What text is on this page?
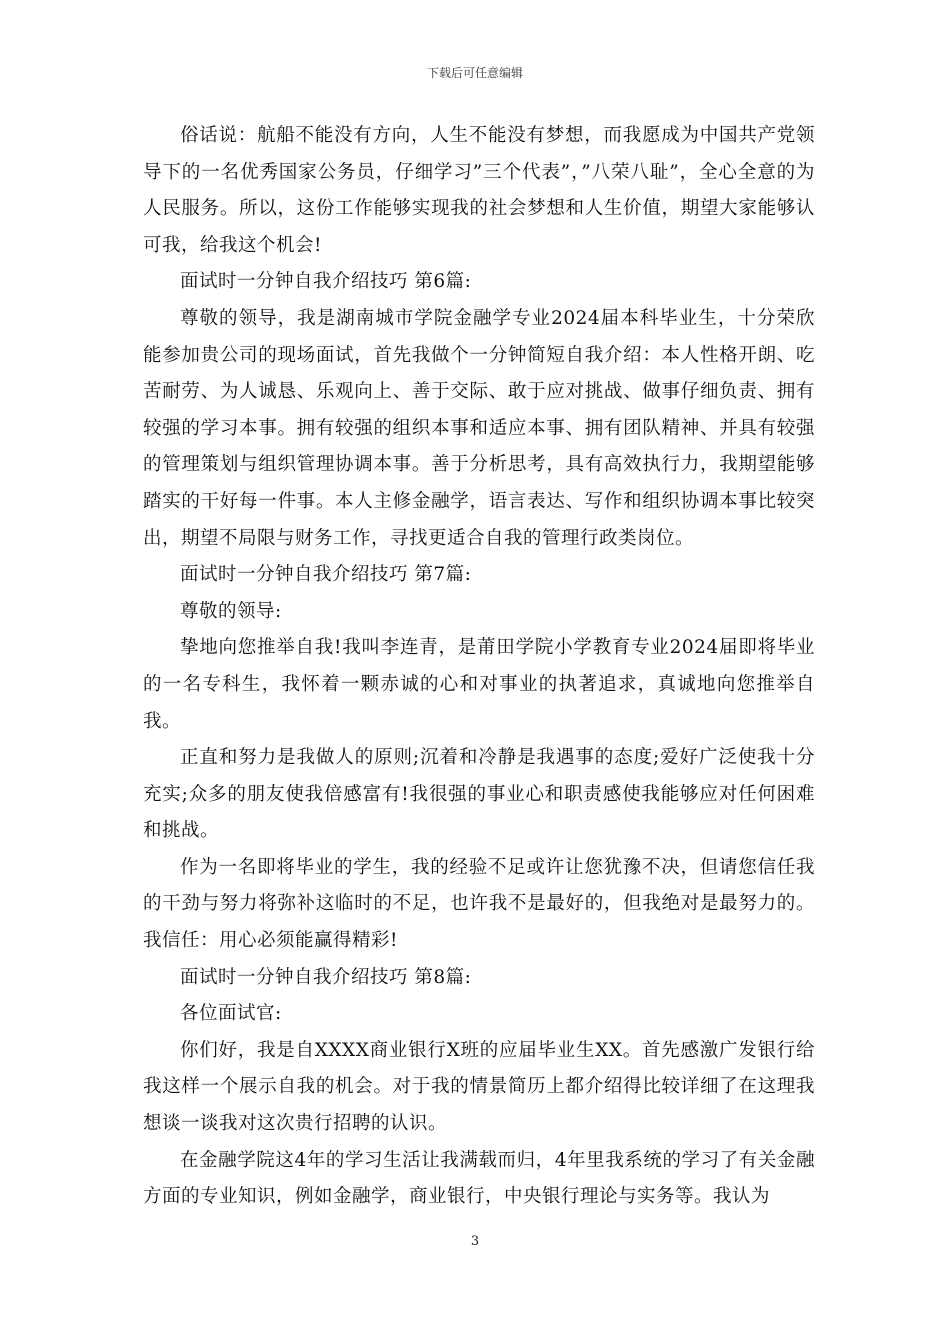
下载后可任意编辑

俗话说：航船不能没有方向，人生不能没有梦想，而我愿成为中国共产党领导下的一名优秀国家公务员，仔细学习”三个代表”，”八荣八耻”，全心全意的为人民服务。所以，这份工作能够实现我的社会梦想和人生价值，期望大家能够认可我，给我这个机会!

面试时一分钟自我介绍技巧 第6篇:

尊敬的领导，我是湖南城市学院金融学专业2024届本科毕业生，十分荣欣能参加贵公司的现场面试，首先我做个一分钟简短自我介绍：本人性格开朗、吃苦耐劳、为人诚恳、乐观向上、善于交际、敢于应对挑战、做事仔细负责、拥有较强的学习本事。拥有较强的组织本事和适应本事、拥有团队精神、并具有较强的管理策划与组织管理协调本事。善于分析思考，具有高效执行力，我期望能够踏实的干好每一件事。本人主修金融学，语言表达、写作和组织协调本事比较突出，期望不局限与财务工作，寻找更适合自我的管理行政类岗位。

面试时一分钟自我介绍技巧 第7篇:

尊敬的领导:

挚地向您推举自我!我叫李连青，是莆田学院小学教育专业2024届即将毕业的一名专科生，我怀着一颗赤诚的心和对事业的执著追求，真诚地向您推举自我。

正直和努力是我做人的原则;沉着和冷静是我遇事的态度;爱好广泛使我十分充实;众多的朋友使我倍感富有!我很强的事业心和职责感使我能够应对任何困难和挑战。

作为一名即将毕业的学生，我的经验不足或许让您犹豫不决，但请您信任我的干劲与努力将弥补这临时的不足，也许我不是最好的，但我绝对是最努力的。我信任：用心必须能赢得精彩!

面试时一分钟自我介绍技巧 第8篇:

各位面试官:

你们好，我是自XXXX商业银行X班的应届毕业生XX。首先感激广发银行给我这样一个展示自我的机会。对于我的情景简历上都介绍得比较详细了在这理我想谈一谈我对这次贵行招聘的认识。

在金融学院这4年的学习生活让我满载而归，4年里我系统的学习了有关金融方面的专业知识，例如金融学，商业银行，中央银行理论与实务等。我认为

3
